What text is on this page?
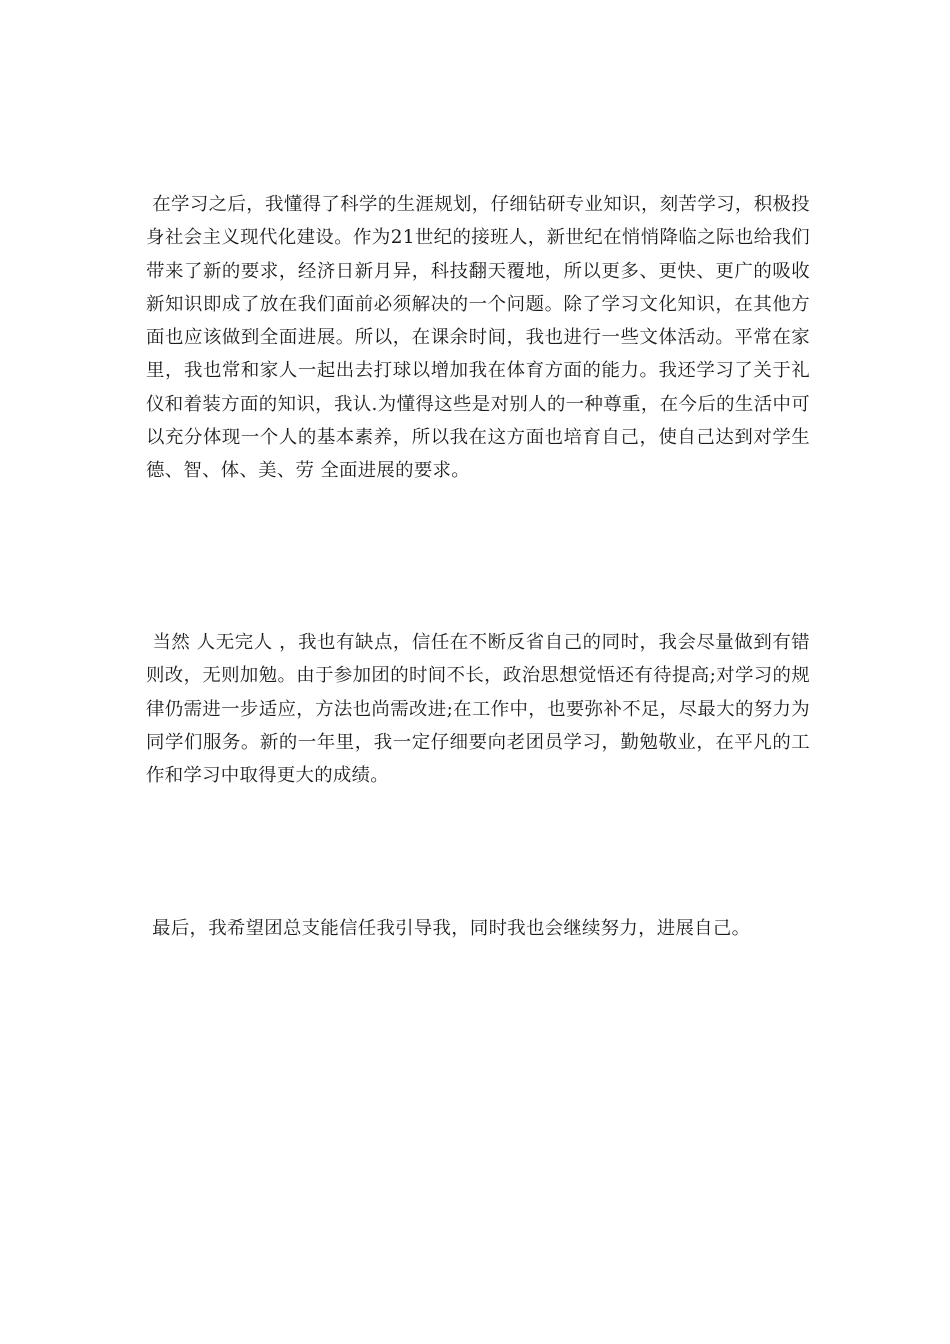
在学习之后，我懂得了科学的生涯规划，仔细钻研专业知识，刻苦学习，积极投身社会主义现代化建设。作为21世纪的接班人，新世纪在悄悄降临之际也给我们带来了新的要求，经济日新月异，科技翻天覆地，所以更多、更快、更广的吸收新知识即成了放在我们面前必须解决的一个问题。除了学习文化知识，在其他方面也应该做到全面进展。所以，在课余时间，我也进行一些文体活动。平常在家里，我也常和家人一起出去打球以增加我在体育方面的能力。我还学习了关于礼仪和着装方面的知识，我认.为懂得这些是对别人的一种尊重，在今后的生活中可以充分体现一个人的基本素养，所以我在这方面也培育自己，使自己达到对学生 德、智、体、美、劳 全面进展的要求。

当然 人无完人 ，我也有缺点，信任在不断反省自己的同时，我会尽量做到有错则改，无则加勉。由于参加团的时间不长，政治思想觉悟还有待提高;对学习的规律仍需进一步适应，方法也尚需改进;在工作中，也要弥补不足，尽最大的努力为同学们服务。新的一年里，我一定仔细要向老团员学习，勤勉敬业，在平凡的工作和学习中取得更大的成绩。

最后，我希望团总支能信任我引导我，同时我也会继续努力，进展自己。
